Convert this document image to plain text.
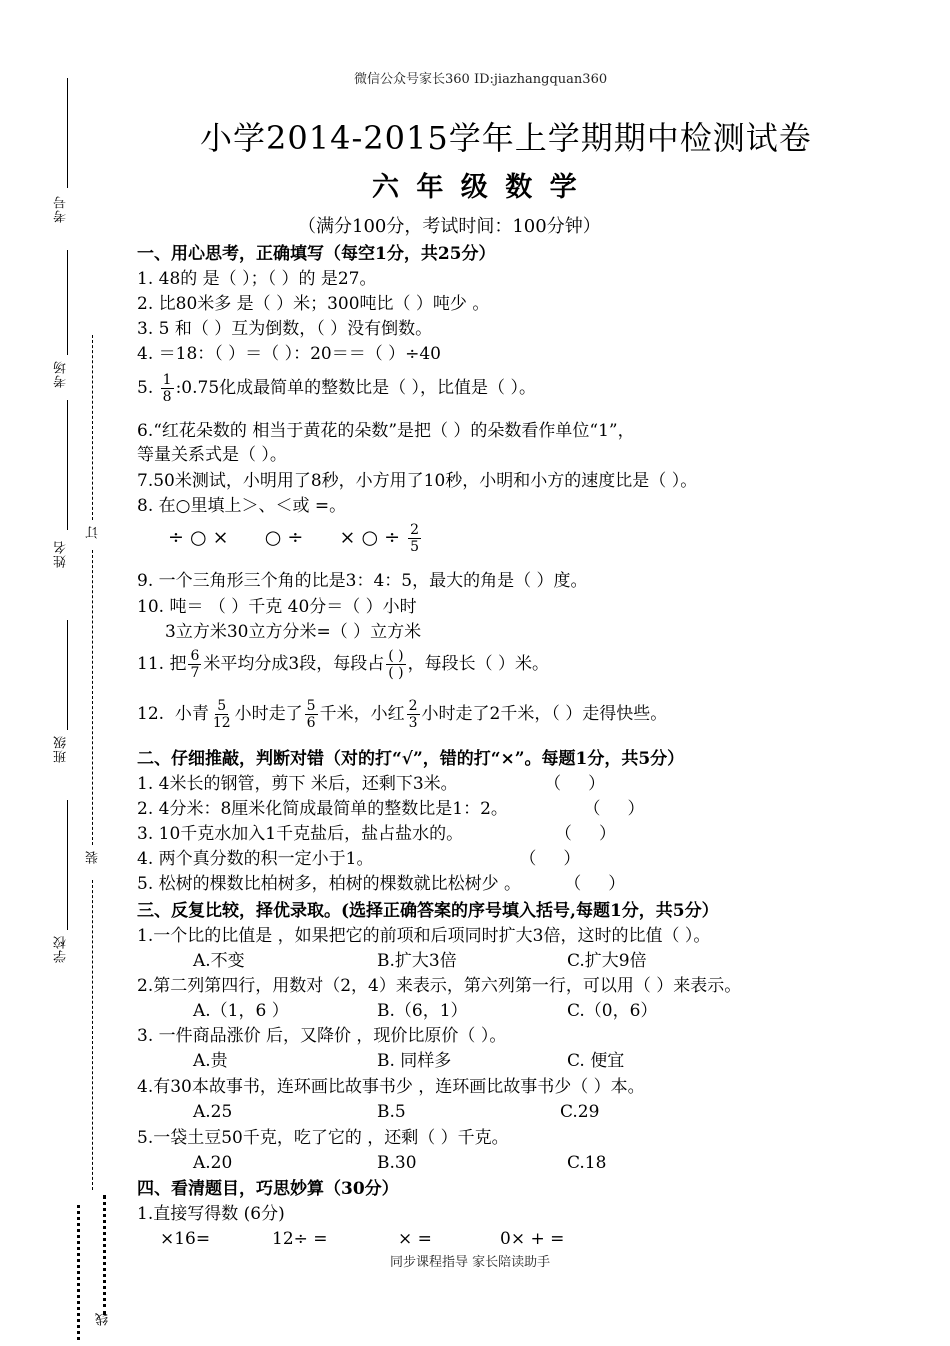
考号
考场
姓名
班级
学校
订
装
线
微信公众号家长360 ID:jiazhangquan360
小学2014-2015学年上学期期中检测试卷
六 年 级 数 学
（满分100分，考试时间：100分钟）
一、用心思考，正确填写（每空1分，共25分）
1. 48的 是（ ）；（ ）的 是27。
2. 比80米多 是（ ）米；300吨比（ ）吨少 。
3. 5 和（ ）互为倒数，（ ）没有倒数。
4. ＝18：（ ）＝（ ）：20＝＝（ ）÷40
5. $\frac{1}{8}$ :0.75化成最简单的整数比是（ ），比值是（ ）。
6.“红花朵数的 相当于黄花的朵数”是把（ ）的朵数看作单位“1”，
等量关系式是（ ）。
7.50米测试，小明用了8秒，小方用了10秒，小明和小方的速度比是（ ）。
8. 在○里填上＞、＜或 =。
÷ ○ ×      ○ ÷      × ○ ÷ $\frac{2}{5}$
9. 一个三角形三个角的比是3：4：5，最大的角是（ ）度。
10. 吨＝ （ ）千克 40分＝（ ）小时
3立方米30立方分米=（ ）立方米
11. 把 $\frac{6}{7}$ 米平均分成3段，每段占 $\frac{( )}{( )}$ ，每段长（ ）米。
12.  小青 $\frac{5}{12}$ 小时走了 $\frac{5}{6}$ 千米，小红 $\frac{2}{3}$ 小时走了2千米，（ ）走得快些。
二、仔细推敲，判断对错（对的打“√”，错的打“×”。每题1分，共5分）
1. 4米长的钢管，剪下 米后，还剩下3米。                （     ）
2. 4分米：8厘米化简成最简单的整数比是1：2。              （     ）
3. 10千克水加入1千克盐后，盐占盐水的。                 （     ）
4. 两个真分数的积一定小于1。                           （     ）
5. 松树的棵数比柏树多，柏树的棵数就比松树少 。        （     ）
三、反复比较，择优录取。(选择正确答案的序号填入括号,每题1分，共5分）
1.一个比的比值是 ，如果把它的前项和后项同时扩大3倍，这时的比值（ ）。
A.不变	B.扩大3倍	C.扩大9倍
2.第二列第四行，用数对（2，4）来表示，第六列第一行，可以用（ ）来表示。
A.（1，6 ）	B.（6，1）	C.（0，6）
3. 一件商品涨价 后，又降价 ，现价比原价（ ）。
A.贵	B. 同样多	C. 便宜
4.有30本故事书，连环画比故事书少 ，连环画比故事书少（ ）本。
A.25	B.5	C.29
5.一袋土豆50千克，吃了它的 ，还剩（ ）千克。
A.20	B.30	C.18
四、看清题目，巧思妙算（30分）
1.直接写得数 (6分)
×16=	12÷ =	× =	0× + =
同步课程指导 家长陪读助手
